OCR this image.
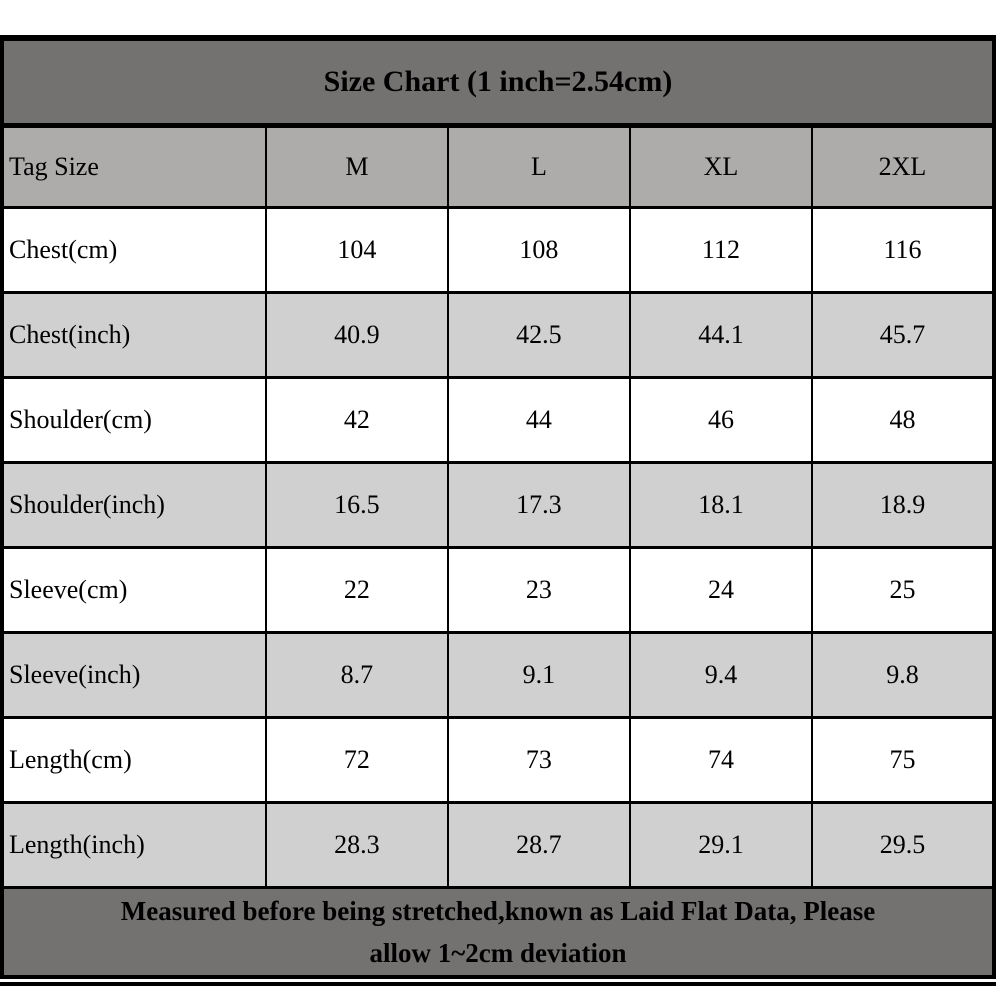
Size Chart (1 inch=2.54cm)				
Tag Size	M	L	XL	2XL
Chest(cm)	104	108	112	116
Chest(inch)	40.9	42.5	44.1	45.7
Shoulder(cm)	42	44	46	48
Shoulder(inch)	16.5	17.3	18.1	18.9
Sleeve(cm)	22	23	24	25
Sleeve(inch)	8.7	9.1	9.4	9.8
Length(cm)	72	73	74	75
Length(inch)	28.3	28.7	29.1	29.5

Measured before being stretched,known as Laid Flat Data, Please
allow 1~2cm deviation				
